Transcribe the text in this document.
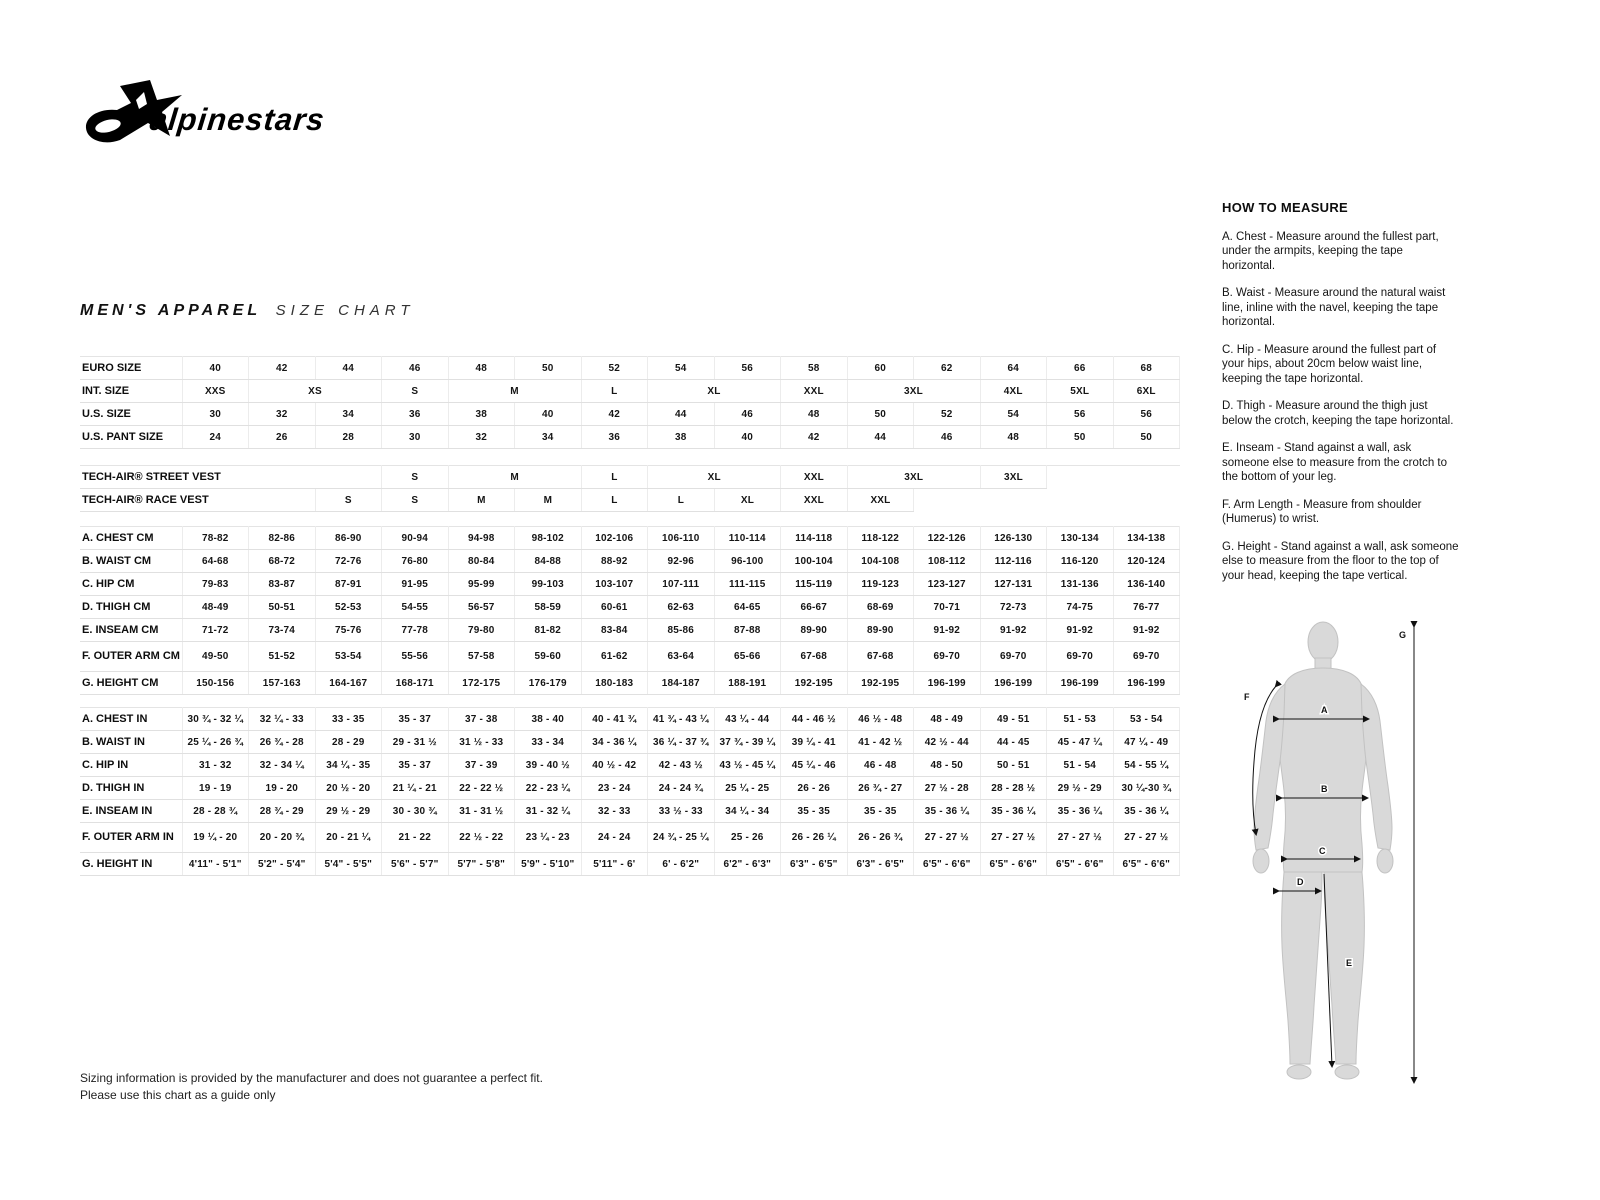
alpinestars
MEN'S APPAREL SIZE CHART
EURO SIZE	40	42	44	46	48	50	52	54	56	58	60	62	64	66	68
INT. SIZE	XXS	XS		S	M		L	XL		XXL	3XL		4XL	5XL	6XL
U.S. SIZE	30	32	34	36	38	40	42	44	46	48	50	52	54	56	56
U.S. PANT SIZE	24	26	28	30	32	34	36	38	40	42	44	46	48	50	50
TECH-AIR® STREET VEST			S	M		L	XL		XXL	3XL		3XL	
TECH-AIR® RACE VEST		S	S	M	M	L	L	XL	XXL	XXL			
A. CHEST CM	78-82	82-86	86-90	90-94	94-98	98-102	102-106	106-110	110-114	114-118	118-122	122-126	126-130	130-134	134-138
B. WAIST CM	64-68	68-72	72-76	76-80	80-84	84-88	88-92	92-96	96-100	100-104	104-108	108-112	112-116	116-120	120-124
C. HIP CM	79-83	83-87	87-91	91-95	95-99	99-103	103-107	107-111	111-115	115-119	119-123	123-127	127-131	131-136	136-140
D. THIGH CM	48-49	50-51	52-53	54-55	56-57	58-59	60-61	62-63	64-65	66-67	68-69	70-71	72-73	74-75	76-77
E. INSEAM CM	71-72	73-74	75-76	77-78	79-80	81-82	83-84	85-86	87-88	89-90	89-90	91-92	91-92	91-92	91-92
F. OUTER ARM CM	49-50	51-52	53-54	55-56	57-58	59-60	61-62	63-64	65-66	67-68	67-68	69-70	69-70	69-70	69-70
G. HEIGHT CM	150-156	157-163	164-167	168-171	172-175	176-179	180-183	184-187	188-191	192-195	192-195	196-199	196-199	196-199	196-199
A. CHEST IN	30 ¾ - 32 ¼	32 ¼ - 33	33 - 35	35 - 37	37 - 38	38 - 40	40 - 41 ¾	41 ¾ - 43 ¼	43 ¼ - 44	44 - 46 ½	46 ½ - 48	48 - 49	49 - 51	51 - 53	53 - 54
B. WAIST IN	25 ¼ - 26 ¾	26 ¾ - 28	28 - 29	29 - 31 ½	31 ½ - 33	33 - 34	34 - 36 ¼	36 ¼ - 37 ¾	37 ¾ - 39 ¼	39 ¼ - 41	41 - 42 ½	42 ½ - 44	44 - 45	45 - 47 ¼	47 ¼ - 49
C. HIP IN	31 - 32	32 - 34 ¼	34 ¼ - 35	35 - 37	37 - 39	39 - 40 ½	40 ½ - 42	42 - 43 ½	43 ½ - 45 ¼	45 ¼ - 46	46 - 48	48 - 50	50 - 51	51 - 54	54 - 55 ¼
D. THIGH IN	19 - 19	19 - 20	20 ½ - 20	21 ¼ - 21	22 - 22 ½	22 - 23 ¼	23 - 24	24 - 24 ¾	25 ¼ - 25	26 - 26	26 ¾ - 27	27 ½ - 28	28 - 28 ½	29 ½ - 29	30 ¼-30 ¾
E. INSEAM IN	28 - 28 ¾	28 ¾ - 29	29 ½ - 29	30 - 30 ¾	31 - 31 ½	31 - 32 ¼	32 - 33	33 ½ - 33	34 ¼ - 34	35 - 35	35 - 35	35 - 36 ¼	35 - 36 ¼	35 - 36 ¼	35 - 36 ¼
F. OUTER ARM IN	19 ¼ - 20	20 - 20 ¾	20 - 21 ¼	21 - 22	22 ½ - 22	23 ¼ - 23	24 - 24	24 ¾ - 25 ¼	25 - 26	26 - 26 ¼	26 - 26 ¾	27 - 27 ½	27 - 27 ½	27 - 27 ½	27 - 27 ½
G. HEIGHT IN	4'11" - 5'1"	5'2" - 5'4"	5'4" - 5'5"	5'6" - 5'7"	5'7" - 5'8"	5'9" - 5'10"	5'11" - 6'	6' - 6'2"	6'2" - 6'3"	6'3" - 6'5"	6'3" - 6'5"	6'5" - 6'6"	6'5" - 6'6"	6'5" - 6'6"	6'5" - 6'6"
HOW TO MEASURE

A. Chest - Measure around the fullest part, under the armpits, keeping the tape horizontal.

B. Waist - Measure around the natural waist line, inline with the navel, keeping the tape horizontal.

C. Hip - Measure around the fullest part of your hips, about 20cm below waist line, keeping the tape horizontal.

D. Thigh - Measure around the thigh just below the crotch, keeping the tape horizontal.

E. Inseam - Stand against a wall, ask someone else to measure from the crotch to the bottom of your leg.

F. Arm Length - Measure from shoulder (Humerus) to wrist.

G. Height - Stand against a wall, ask someone else to measure from the floor to the top of your head, keeping the tape vertical.

A
B
C
D
E
F
G
Sizing information is provided by the manufacturer and does not guarantee a perfect fit.
Please use this chart as a guide only
